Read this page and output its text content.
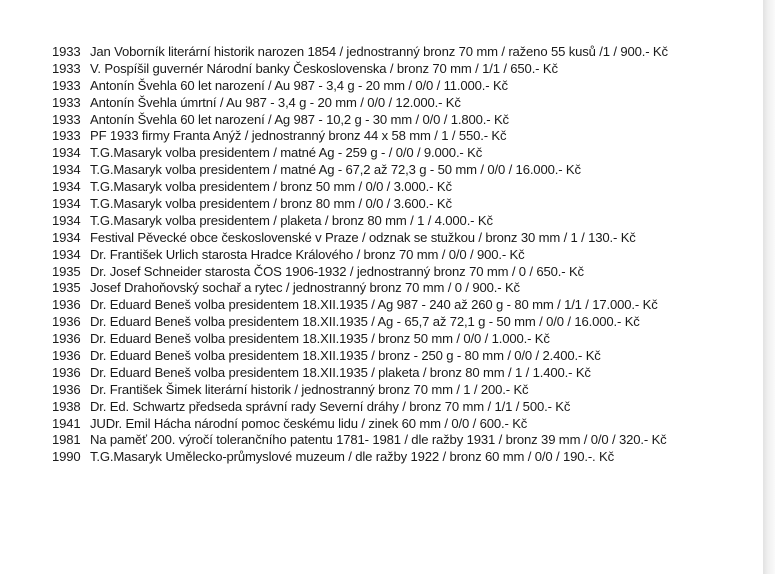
1933 Jan Voborník literární historik narozen 1854 / jednostranný bronz 70 mm / raženo 55 kusů /1 / 900.- Kč
1933 V. Pospíšil guvernér Národní banky Československa / bronz 70 mm / 1/1 / 650.- Kč
1933 Antonín Švehla 60 let narození / Au 987 - 3,4 g - 20 mm / 0/0 / 11.000.- Kč
1933 Antonín Švehla úmrtní / Au 987 - 3,4 g - 20 mm / 0/0 / 12.000.- Kč
1933 Antonín Švehla 60 let narození / Ag 987 - 10,2 g - 30 mm / 0/0 / 1.800.- Kč
1933 PF 1933 firmy Franta Anýž / jednostranný bronz 44 x 58 mm / 1 / 550.- Kč
1934 T.G.Masaryk volba presidentem / matné Ag - 259 g - / 0/0 / 9.000.- Kč
1934 T.G.Masaryk volba presidentem / matné Ag - 67,2 až 72,3 g - 50 mm / 0/0 / 16.000.- Kč
1934 T.G.Masaryk volba presidentem / bronz 50 mm / 0/0 / 3.000.- Kč
1934 T.G.Masaryk volba presidentem / bronz 80 mm / 0/0 / 3.600.- Kč
1934 T.G.Masaryk volba presidentem / plaketa / bronz 80 mm / 1 / 4.000.- Kč
1934 Festival Pěvecké obce československé v Praze / odznak se stužkou / bronz 30 mm / 1 / 130.- Kč
1934 Dr. František Urlich starosta Hradce Králového / bronz 70 mm / 0/0 / 900.- Kč
1935 Dr. Josef Schneider starosta ČOS 1906-1932 / jednostranný bronz 70 mm / 0 / 650.- Kč
1935 Josef Drahoňovský sochař a rytec / jednostranný bronz 70 mm / 0 / 900.- Kč
1936 Dr. Eduard Beneš volba presidentem 18.XII.1935 / Ag 987 - 240 až 260 g - 80 mm / 1/1 / 17.000.- Kč
1936 Dr. Eduard Beneš volba presidentem 18.XII.1935 / Ag - 65,7 až 72,1 g - 50 mm / 0/0 / 16.000.- Kč
1936 Dr. Eduard Beneš volba presidentem 18.XII.1935 / bronz 50 mm / 0/0 / 1.000.- Kč
1936 Dr. Eduard Beneš volba presidentem 18.XII.1935 / bronz - 250 g - 80 mm / 0/0 / 2.400.- Kč
1936 Dr. Eduard Beneš volba presidentem 18.XII.1935 / plaketa / bronz 80 mm / 1 / 1.400.- Kč
1936 Dr. František Šimek literární historik / jednostranný bronz 70 mm / 1 / 200.- Kč
1938 Dr. Ed. Schwartz předseda správní rady Severní dráhy / bronz 70 mm / 1/1 / 500.- Kč
1941 JUDr. Emil Hácha národní pomoc českému lidu / zinek 60 mm / 0/0 / 600.- Kč
1981 Na paměť 200. výročí tolerančního patentu 1781- 1981 / dle ražby 1931 / bronz 39 mm / 0/0 / 320.- Kč
1990 T.G.Masaryk Umělecko-průmyslové muzeum / dle ražby 1922 / bronz 60 mm / 0/0 / 190.-. Kč
